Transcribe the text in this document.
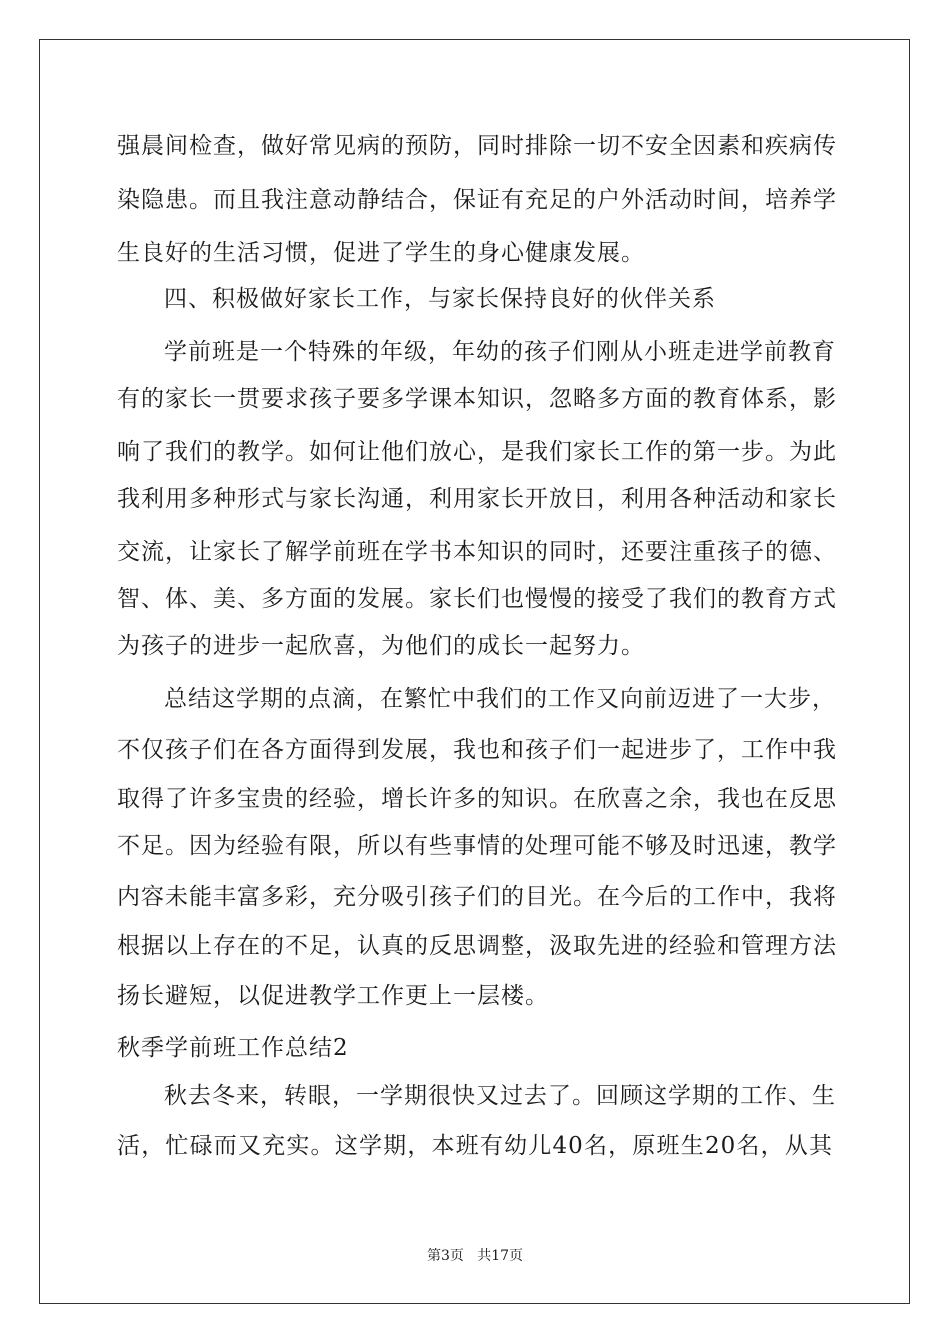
强晨间检查，做好常见病的预防，同时排除一切不安全因素和疾病传
染隐患。而且我注意动静结合，保证有充足的户外活动时间，培养学
生良好的生活习惯，促进了学生的身心健康发展。
四、积极做好家长工作，与家长保持良好的伙伴关系
学前班是一个特殊的年级，年幼的孩子们刚从小班走进学前教育
有的家长一贯要求孩子要多学课本知识，忽略多方面的教育体系，影
响了我们的教学。如何让他们放心，是我们家长工作的第一步。为此
我利用多种形式与家长沟通，利用家长开放日，利用各种活动和家长
交流，让家长了解学前班在学书本知识的同时，还要注重孩子的德、
智、体、美、多方面的发展。家长们也慢慢的接受了我们的教育方式
为孩子的进步一起欣喜，为他们的成长一起努力。
总结这学期的点滴，在繁忙中我们的工作又向前迈进了一大步，
不仅孩子们在各方面得到发展，我也和孩子们一起进步了，工作中我
取得了许多宝贵的经验，增长许多的知识。在欣喜之余，我也在反思
不足。因为经验有限，所以有些事情的处理可能不够及时迅速，教学
内容未能丰富多彩，充分吸引孩子们的目光。在今后的工作中，我将
根据以上存在的不足，认真的反思调整，汲取先进的经验和管理方法
扬长避短，以促进教学工作更上一层楼。
秋季学前班工作总结2
秋去冬来，转眼，一学期很快又过去了。回顾这学期的工作、生
活，忙碌而又充实。这学期，本班有幼儿40名，原班生20名，从其
第3页   共17页
